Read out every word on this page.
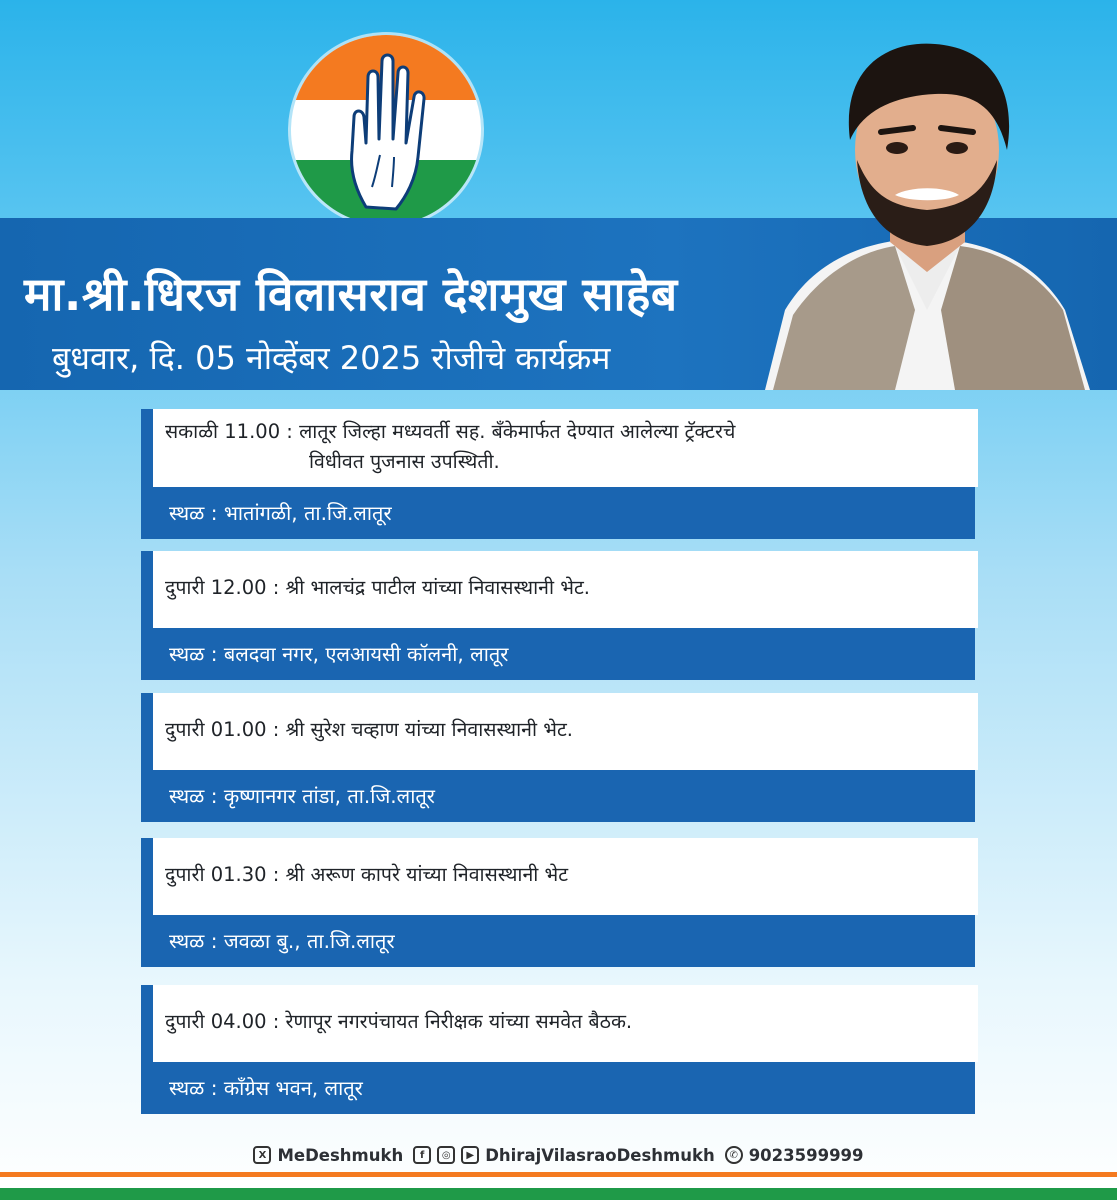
मा.श्री.धिरज विलासराव देशमुख साहेब
बुधवार, दि. 05 नोव्हेंबर 2025 रोजीचे कार्यक्रम
सकाळी 11.00 : लातूर जिल्हा मध्यवर्ती सह. बँकेमार्फत देण्यात आलेल्या ट्रॅक्टरचे
विधीवत पुजनास उपस्थिती.
स्थळ : भातांगळी, ता.जि.लातूर
दुपारी 12.00 : श्री भालचंद्र पाटील यांच्या निवासस्थानी भेट.
स्थळ : बलदवा नगर, एलआयसी कॉलनी, लातूर
दुपारी 01.00 : श्री सुरेश चव्हाण यांच्या निवासस्थानी भेट.
स्थळ : कृष्णानगर तांडा, ता.जि.लातूर
दुपारी 01.30 : श्री अरूण कापरे यांच्या निवासस्थानी भेट
स्थळ : जवळा बु., ता.जि.लातूर
दुपारी 04.00 : रेणापूर नगरपंचायत निरीक्षक यांच्या समवेत बैठक.
स्थळ : कॉंग्रेस भवन, लातूर
X MeDeshmukh	f	◎	▶ DhirajVilasraoDeshmukh	✆ 9023599999
